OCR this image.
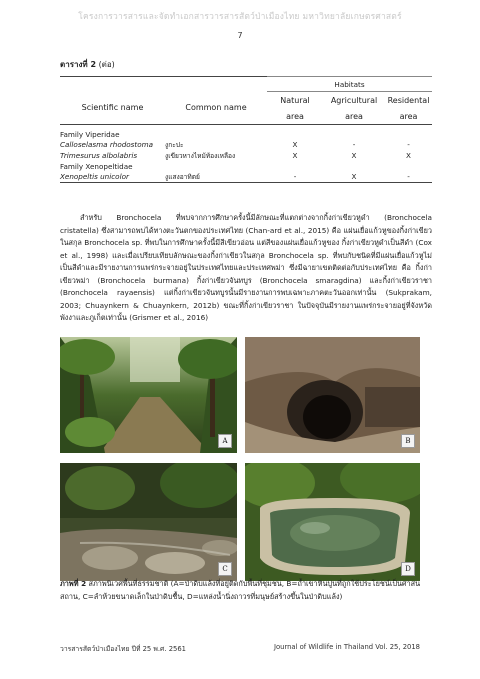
โครงการวารสารและจัดทำเอกสารวารสารสัตว์ป่าเมืองไทย มหาวิทยาลัยเกษตรศาสตร์
7
ตารางที่ 2 (ต่อ)
		Habitats		
Scientific name	Common name	Natural	Agricultural	Residental
		area	area	area
Family Viperidae				
Calloselasma rhodostoma	งูกะปะ	X	-	-
Trimesurus albolabris	งูเขียวหางไหม้ท้องเหลือง	X	X	X
Family Xenopeltidae				
Xenopeltis unicolor	งูแสงอาทิตย์	-	X	-
สำหรับ Bronchocela ที่พบจากการศึกษาครั้งนี้มีลักษณะที่แตกต่างจากกิ้งก่าเขียวหูดำ (Bronchocela cristatella) ซึ่งสามารถพบได้ทางตะวันตกของประเทศไทย (Chan-ard et al., 2015) คือ แผ่นเยื่อแก้วหูของกิ้งก่าเขียวในสกุล Bronchocela sp. ที่พบในการศึกษาครั้งนี้มีสีเขียวอ่อน แต่สีของแผ่นเยื่อแก้วหูของ กิ้งก่าเขียวหูดำเป็นสีดำ (Cox et al., 1998) และเมื่อเปรียบเทียบลักษณะของกิ้งก่าเขียวในสกุล Bronchocela sp. ที่พบกับชนิดที่มีแผ่นเยื่อแก้วหูไม่เป็นสีดำและมีรายงานการแพร่กระจายอยู่ในประเทศไทยและประเทศพม่า ซึ่งมีฉายาเขตติดต่อกับประเทศไทย คือ กิ้งก่าเขียวพม่า (Bronchocela burmana) กิ้งก่าเขียวจันทบูร (Bronchocela smaragdina) และกิ้งก่าเขียวราชา (Bronchocela rayaensis) แต่กิ้งก่าเขียวจันทบูรนั้นมีรายงานการพบเฉพาะภาคตะวันออกเท่านั้น (Sukprakam, 2003; Chuaynkern & Chuaynkern, 2012b) ขณะที่กิ้งก่าเขียวราชา ในปัจจุบันมีรายงานแพร่กระจายอยู่ที่จังหวัดพังงาและภูเก็ตเท่านั้น (Grismer et al., 2016)
A	B
C	D
ภาพที่ 2 สภาพนิเวศพื้นที่ธรรมชาติ (A=ป่าดิบแล้งที่อยู่ติดกับพื้นที่ชุมชน, B=ถ้ำเขาหินปูนที่ถูกใช้ประโยชน์เป็นศาสนสถาน, C=ลำห้วยขนาดเล็กในป่าดิบชื้น, D=แหล่งน้ำนิ่งถาวรที่มนุษย์สร้างขึ้นในป่าดิบแล้ง)
วารสารสัตว์ป่าเมืองไทย ปีที่ 25 พ.ศ. 2561	Journal of Wildlife in Thailand Vol. 25, 2018
